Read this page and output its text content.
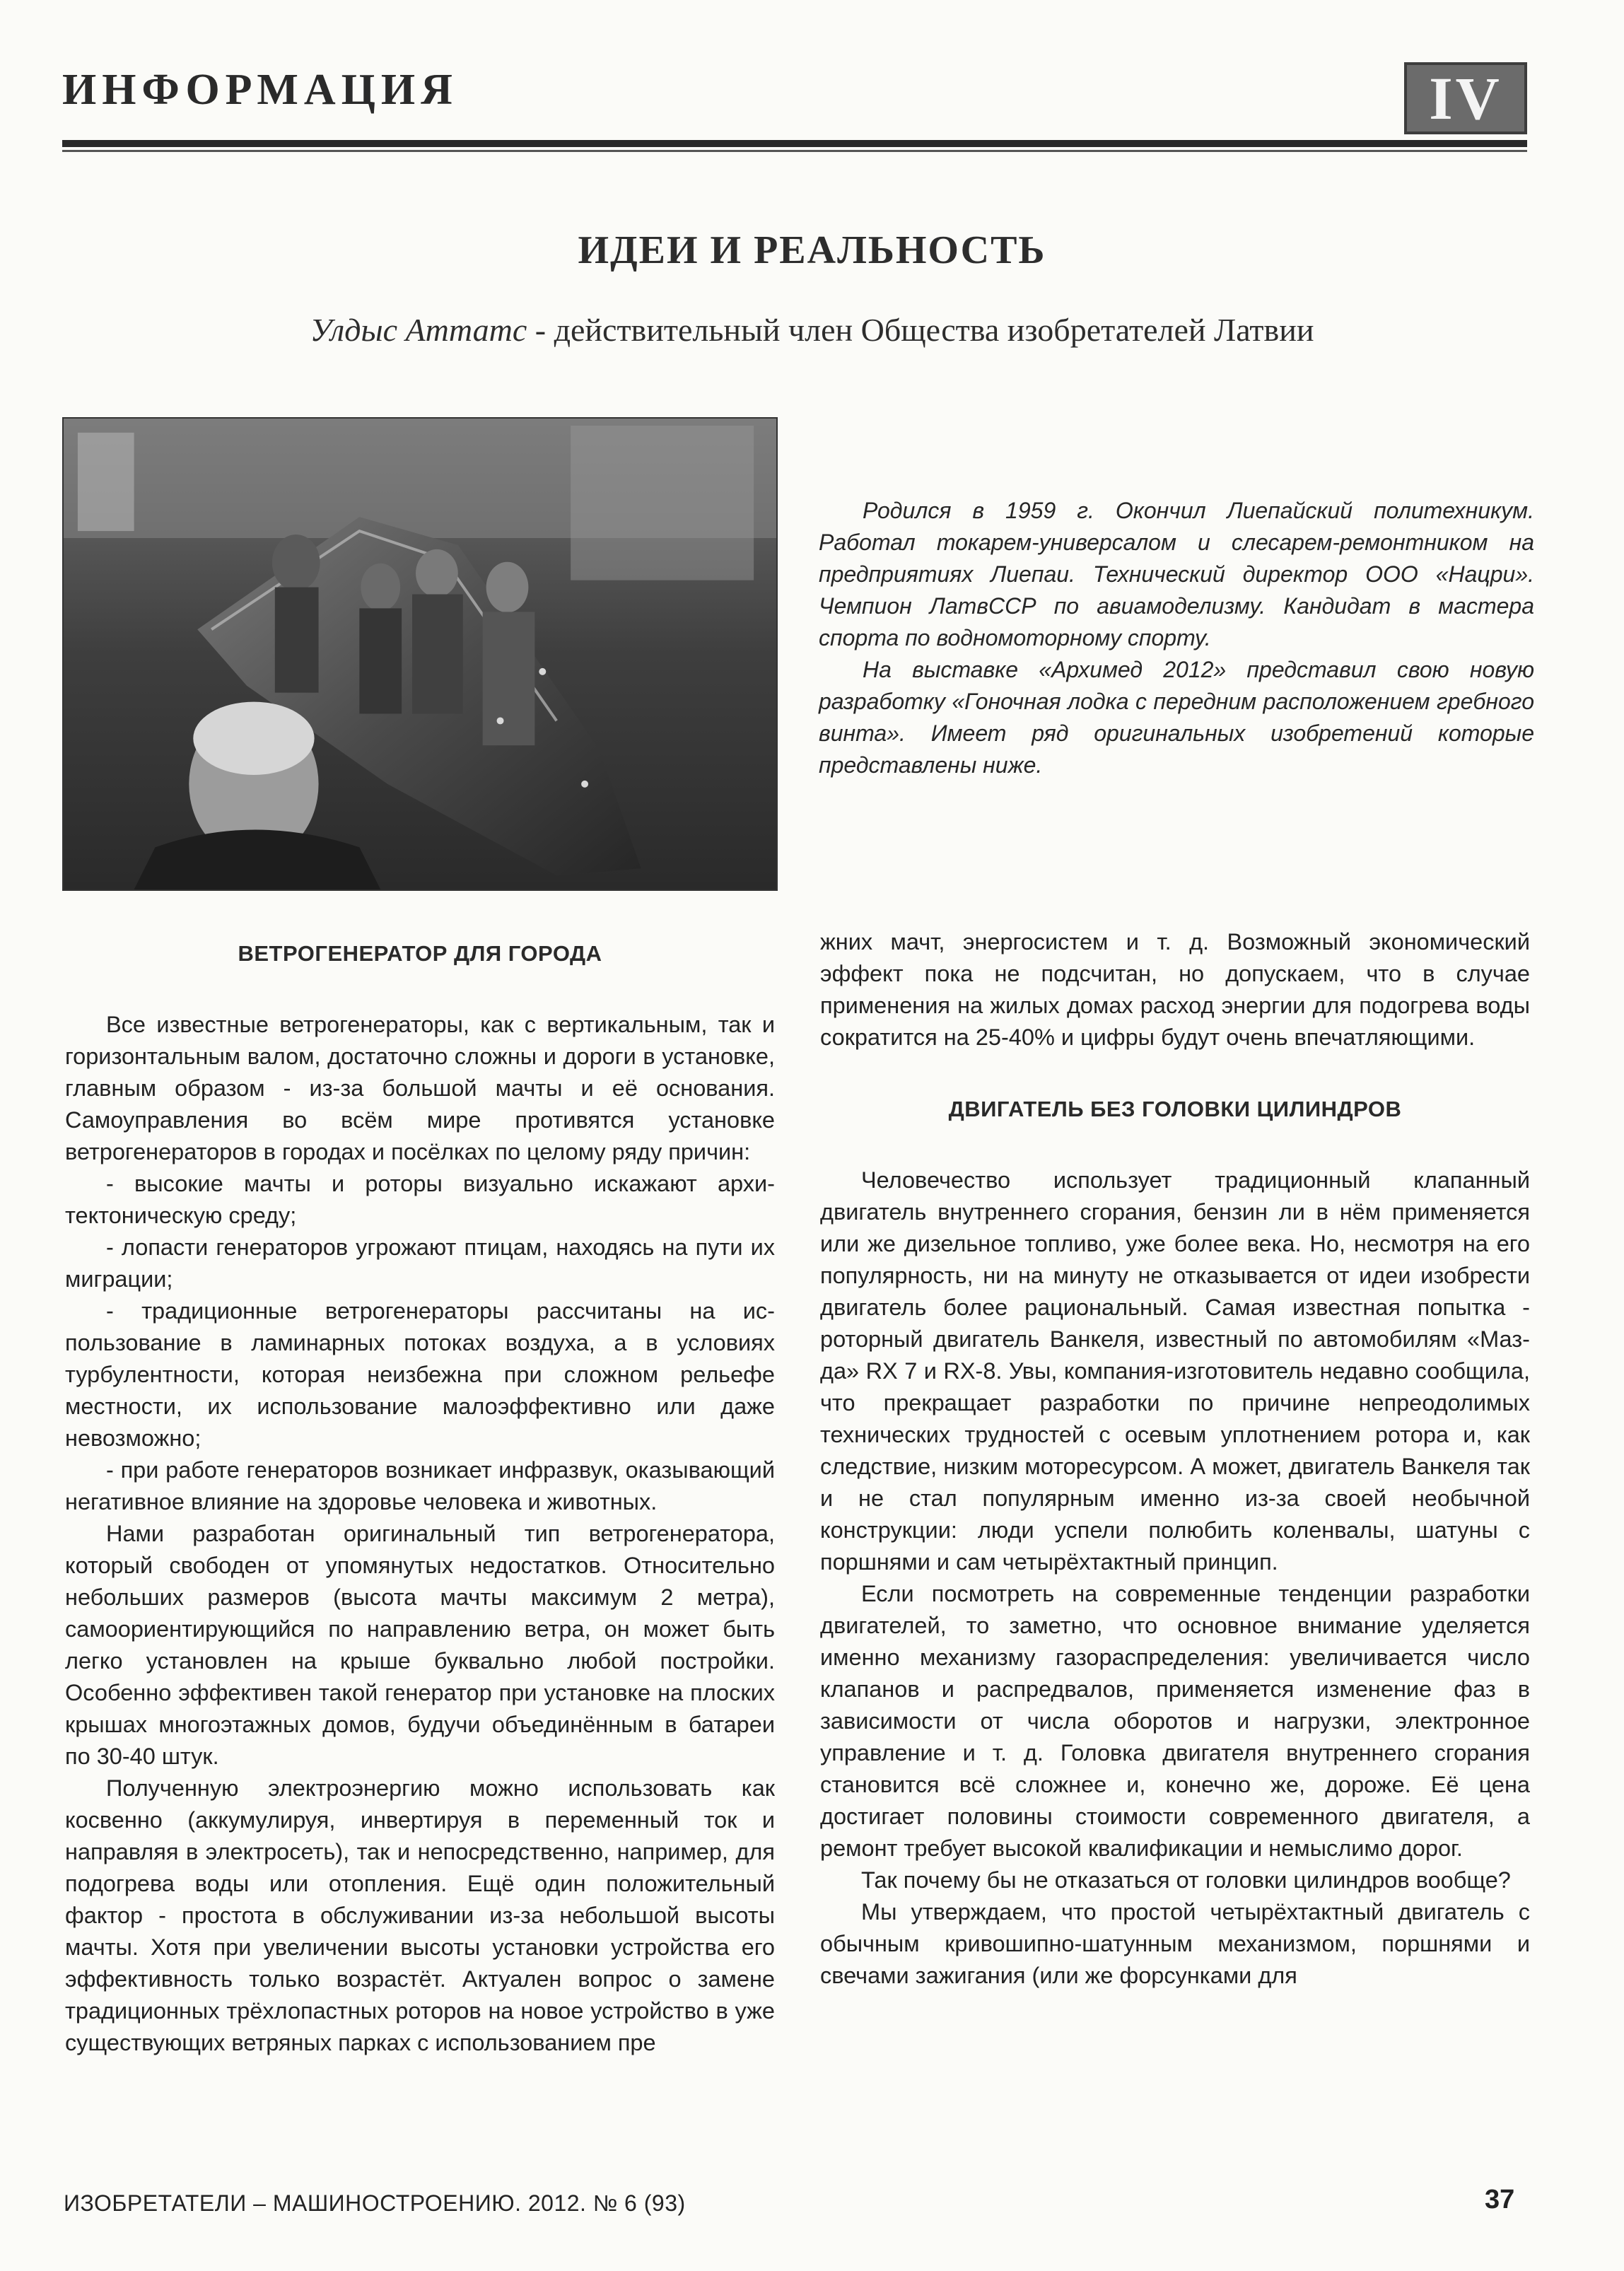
ИНФОРМАЦИЯ	IV
ИДЕИ И РЕАЛЬНОСТЬ
Улдыс Аттатс - действительный член Общества изобретателей Латвии

Родился в 1959 г. Окончил Лиепайский политехникум. Работал токарем-универсалом и слесарем-ремонтником на предприятиях Лиепаи. Технический директор ООО «Нацри». Чемпион ЛатвССР по авиамоделизму. Кандидат в мастера спорта по водномоторному спорту.

На выставке «Архимед 2012» представил свою новую разработку «Гоночная лодка с передним расположением гребного винта». Имеет ряд оригинальных изобретений которые представлены ниже.

ВЕТРОГЕНЕРАТОР ДЛЯ ГОРОДА

Все известные ветрогенераторы, как с вертикальным, так и горизонтальным валом, достаточно сложны и дороги в установке, главным образом - из-за большой мачты и её основания. Самоуправления во всём мире противятся установке ветрогенераторов в городах и посёлках по целому ряду причин:

- высокие мачты и роторы визуально искажают архитектоническую среду;

- лопасти генераторов угрожают птицам, находясь на пути их миграции;

- традиционные ветрогенераторы рассчитаны на использование в ламинарных потоках воздуха, а в условиях турбулентности, которая неизбежна при сложном рельефе местности, их использование малоэффективно или даже невозможно;

- при работе генераторов возникает инфразвук, оказывающий негативное влияние на здоровье человека и животных.

Нами разработан оригинальный тип ветрогенератора, который свободен от упомянутых недостатков. Относительно небольших размеров (высота мачты максимум 2 метра), самоориентирующийся по направлению ветра, он может быть легко установлен на крыше буквально любой постройки. Особенно эффективен такой генератор при установке на плоских крышах многоэтажных домов, будучи объединённым в батареи по 30-40 штук.

Полученную электроэнергию можно использовать как косвенно (аккумулируя, инвертируя в переменный ток и направляя в электросеть), так и непосредственно, например, для подогрева воды или отопления. Ещё один положительный фактор - простота в обслуживании из-за небольшой высоты мачты. Хотя при увеличении высоты установки устройства его эффективность только возрастёт. Актуален вопрос о замене традиционных трёхлопастных роторов на новое устройство в уже существующих ветряных парках с использованием пре

жних мачт, энергосистем и т. д. Возможный экономический эффект пока не подсчитан, но допускаем, что в случае применения на жилых домах расход энергии для подогрева воды сократится на 25-40% и цифры будут очень впечатляющими.

ДВИГАТЕЛЬ БЕЗ ГОЛОВКИ ЦИЛИНДРОВ

Человечество использует традиционный клапанный двигатель внутреннего сгорания, бензин ли в нём применяется или же дизельное топливо, уже более века. Но, несмотря на его популярность, ни на минуту не отказывается от идеи изобрести двигатель более рациональный. Самая известная попытка - роторный двигатель Ванкеля, известный по автомобилям «Мазда» RX 7 и RX-8. Увы, компания-изготовитель недавно сообщила, что прекращает разработки по причине непреодолимых технических трудностей с осевым уплотнением ротора и, как следствие, низким моторесурсом. А может, двигатель Ванкеля так и не стал популярным именно из-за своей необычной конструкции: люди успели полюбить коленвалы, шатуны с поршнями и сам четырёхтактный принцип.

Если посмотреть на современные тенденции разработки двигателей, то заметно, что основное внимание уделяется именно механизму газораспределения: увеличивается число клапанов и распредвалов, применяется изменение фаз в зависимости от числа оборотов и нагрузки, электронное управление и т. д. Головка двигателя внутреннего сгорания становится всё сложнее и, конечно же, дороже. Её цена достигает половины стоимости современного двигателя, а ремонт требует высокой квалификации и немыслимо дорог.

Так почему бы не отказаться от головки цилиндров вообще?

Мы утверждаем, что простой четырёхтактный двигатель с обычным кривошипно-шатунным механизмом, поршнями и свечами зажигания (или же форсунками для

ИЗОБРЕТАТЕЛИ – МАШИНОСТРОЕНИЮ. 2012. № 6 (93)	37
